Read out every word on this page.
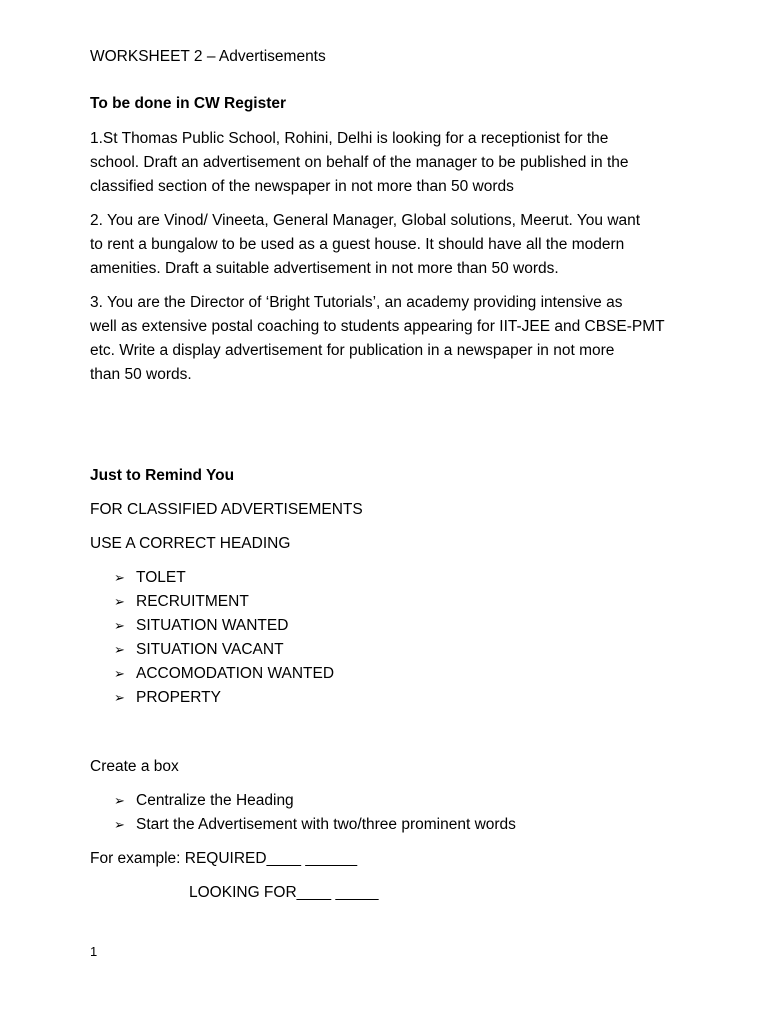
WORKSHEET 2 – Advertisements
To be done in CW Register
1.St Thomas Public School, Rohini, Delhi is looking for a receptionist for the
school. Draft an advertisement on behalf of the manager to be published in the
classified section of the newspaper in not more than 50 words
2. You are Vinod/ Vineeta, General Manager, Global solutions, Meerut. You want
to rent a bungalow to be used as a guest house. It should have all the modern
amenities. Draft a suitable advertisement in not more than 50 words.
3. You are the Director of ‘Bright Tutorials’, an academy providing intensive as
well as extensive postal coaching to students appearing for IIT-JEE and CBSE-PMT
etc. Write a display advertisement for publication in a newspaper in not more
than 50 words.
Just to Remind You
FOR CLASSIFIED ADVERTISEMENTS
USE A CORRECT HEADING
➢ TOLET
➢ RECRUITMENT
➢ SITUATION WANTED
➢ SITUATION VACANT
➢ ACCOMODATION WANTED
➢ PROPERTY
Create a box
➢ Centralize the Heading
➢ Start the Advertisement with two/three prominent words
For example: REQUIRED____ ______
LOOKING FOR____ _____
1
